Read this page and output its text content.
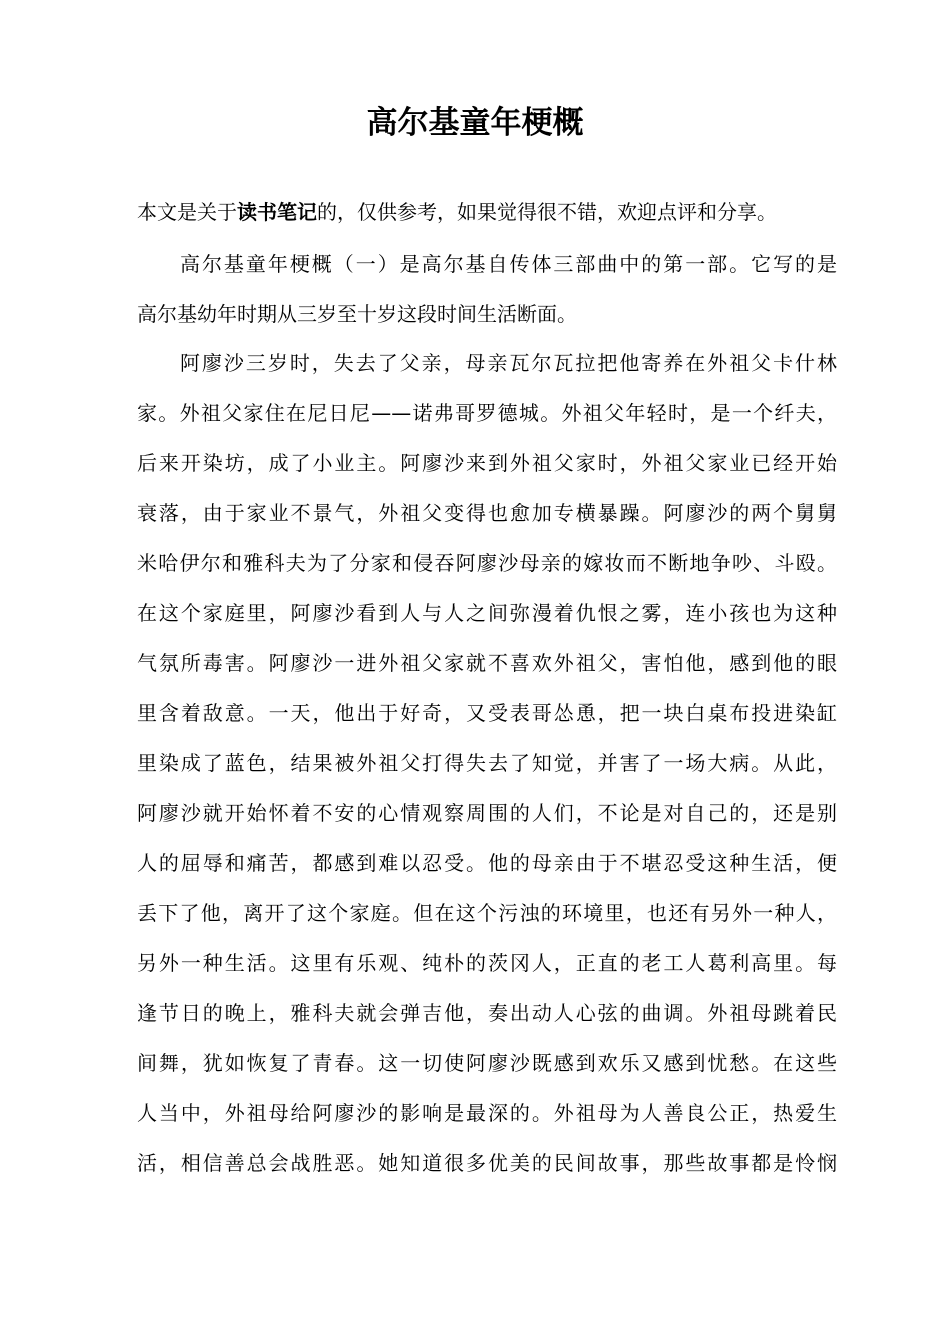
高尔基童年梗概

本文是关于读书笔记的，仅供参考，如果觉得很不错，欢迎点评和分享。

高尔基童年梗概（一）是高尔基自传体三部曲中的第一部。它写的是
高尔基幼年时期从三岁至十岁这段时间生活断面。
阿廖沙三岁时，失去了父亲，母亲瓦尔瓦拉把他寄养在外祖父卡什林
家。外祖父家住在尼日尼——诺弗哥罗德城。外祖父年轻时，是一个纤夫，
后来开染坊，成了小业主。阿廖沙来到外祖父家时，外祖父家业已经开始
衰落，由于家业不景气，外祖父变得也愈加专横暴躁。阿廖沙的两个舅舅
米哈伊尔和雅科夫为了分家和侵吞阿廖沙母亲的嫁妆而不断地争吵、斗殴。
在这个家庭里，阿廖沙看到人与人之间弥漫着仇恨之雾，连小孩也为这种
气氛所毒害。阿廖沙一进外祖父家就不喜欢外祖父，害怕他，感到他的眼
里含着敌意。一天，他出于好奇，又受表哥怂恿，把一块白桌布投进染缸
里染成了蓝色，结果被外祖父打得失去了知觉，并害了一场大病。从此，
阿廖沙就开始怀着不安的心情观察周围的人们，不论是对自己的，还是别
人的屈辱和痛苦，都感到难以忍受。他的母亲由于不堪忍受这种生活，便
丢下了他，离开了这个家庭。但在这个污浊的环境里，也还有另外一种人，
另外一种生活。这里有乐观、纯朴的茨冈人，正直的老工人葛利高里。每
逢节日的晚上，雅科夫就会弹吉他，奏出动人心弦的曲调。外祖母跳着民
间舞，犹如恢复了青春。这一切使阿廖沙既感到欢乐又感到忧愁。在这些
人当中，外祖母给阿廖沙的影响是最深的。外祖母为人善良公正，热爱生
活，相信善总会战胜恶。她知道很多优美的民间故事，那些故事都是怜悯
